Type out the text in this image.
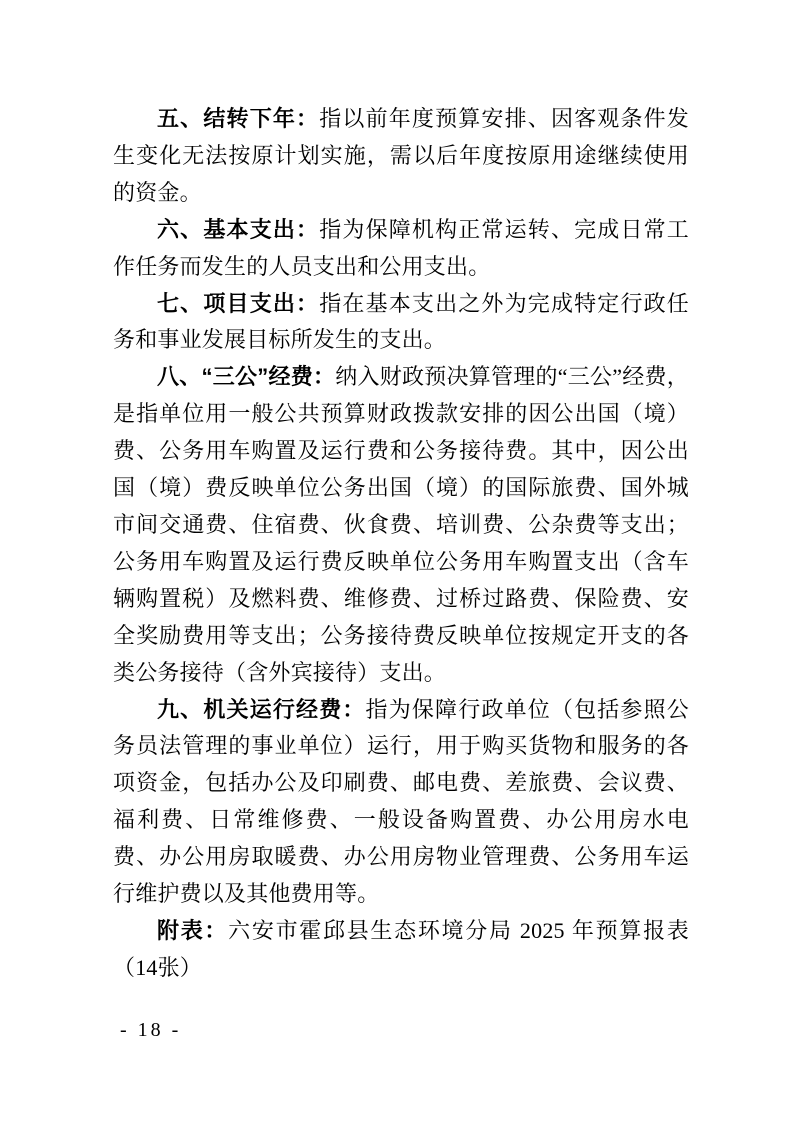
五、结转下年：指以前年度预算安排、因客观条件发生变化无法按原计划实施，需以后年度按原用途继续使用的资金。

六、基本支出：指为保障机构正常运转、完成日常工作任务而发生的人员支出和公用支出。

七、项目支出：指在基本支出之外为完成特定行政任务和事业发展目标所发生的支出。

八、“三公”经费：纳入财政预决算管理的“三公”经费，是指单位用一般公共预算财政拨款安排的因公出国（境）费、公务用车购置及运行费和公务接待费。其中，因公出国（境）费反映单位公务出国（境）的国际旅费、国外城市间交通费、住宿费、伙食费、培训费、公杂费等支出；公务用车购置及运行费反映单位公务用车购置支出（含车辆购置税）及燃料费、维修费、过桥过路费、保险费、安全奖励费用等支出；公务接待费反映单位按规定开支的各类公务接待（含外宾接待）支出。

九、机关运行经费：指为保障行政单位（包括参照公务员法管理的事业单位）运行，用于购买货物和服务的各项资金，包括办公及印刷费、邮电费、差旅费、会议费、福利费、日常维修费、一般设备购置费、办公用房水电费、办公用房取暖费、办公用房物业管理费、公务用车运行维护费以及其他费用等。

附表：六安市霍邱县生态环境分局 2025 年预算报表（14张）

- 18 -
